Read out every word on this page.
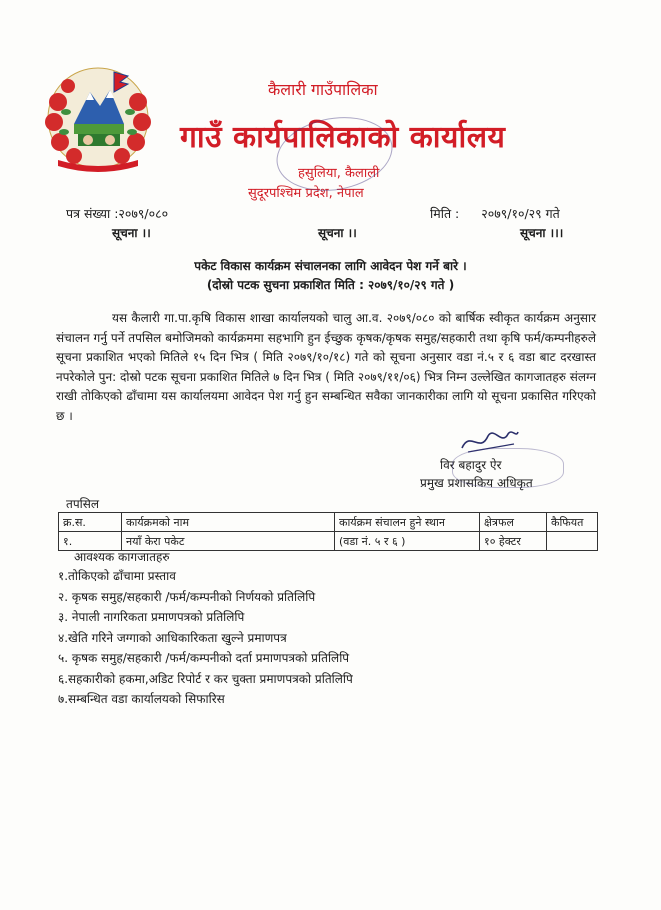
कैलारी गाउँपालिका
गाउँ कार्यपालिकाको कार्यालय
हसुलिया, कैलाली
सुदूरपश्चिम प्रदेश, नेपाल
पत्र संख्या :२०७९/०८०	मिति : २०७९/१०/२९ गते
सूचना ।।	सूचना ।।	सूचना ।।।
पकेट विकास कार्यक्रम संचालनका लागि आवेदन पेश गर्ने बारे ।
(दोस्रो पटक सुचना प्रकाशित मिति : २०७९/१०/२९ गते )
यस कैलारी गा.पा.कृषि विकास शाखा कार्यालयको चालु आ.व. २०७९/०८० को बार्षिक स्वीकृत कार्यक्रम अनुसार संचालन गर्नु पर्ने तपसिल बमोजिमको कार्यक्रममा सहभागि हुन ईच्छुक कृषक/कृषक समुह/सहकारी तथा कृषि फर्म/कम्पनीहरुले सूचना प्रकाशित भएको मितिले १५ दिन भित्र ( मिति २०७९/१०/१८) गते को सूचना अनुसार वडा नं.५ र ६ वडा बाट दरखास्त नपरेकोले पुन: दोस्रो पटक सूचना प्रकाशित मितिले ७ दिन भित्र ( मिति २०७९/११/०६) भित्र निम्न उल्लेखित कागजातहरु संलग्न राखी तोकिएको ढाँचामा यस कार्यालयमा आवेदन पेश गर्नु हुन सम्बन्धित सवैका जानकारीका लागि यो सूचना प्रकासित गरिएको छ ।
विर बहादुर ऐर
प्रमुख प्रशासकिय अधिकृत
तपसिल
क्र.स.	कार्यक्रमको नाम	कार्यक्रम संचालन हुने स्थान	क्षेत्रफल	कैफियत
१.	नयाँ केरा पकेट	(वडा नं. ५ र ६ )	१० हेक्टर	
आवश्यक कागजातहरु
१.तोकिएको ढाँचामा प्रस्ताव
२. कृषक समुह/सहकारी /फर्म/कम्पनीको निर्णयको प्रतिलिपि
३. नेपाली नागरिकता प्रमाणपत्रको प्रतिलिपि
४.खेति गरिने जग्गाको आधिकारिकता खुल्ने प्रमाणपत्र
५. कृषक समुह/सहकारी /फर्म/कम्पनीको दर्ता प्रमाणपत्रको प्रतिलिपि
६.सहकारीको हकमा,अडिट रिपोर्ट र कर चुक्ता प्रमाणपत्रको प्रतिलिपि
७.सम्बन्धित वडा कार्यालयको सिफारिस
